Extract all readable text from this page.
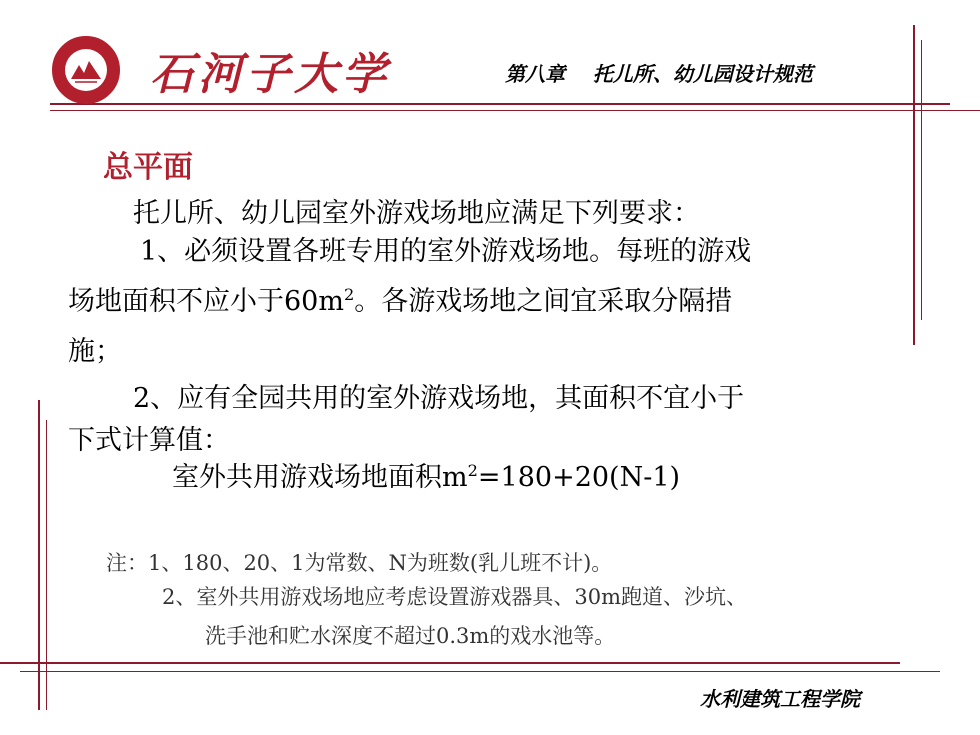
石河子大学	第八章    托儿所、幼儿园设计规范
总平面
托儿所、幼儿园室外游戏场地应满足下列要求：
1、必须设置各班专用的室外游戏场地。每班的游戏
场地面积不应小于$60m^2$。各游戏场地之间宜采取分隔措
施；
2、应有全园共用的室外游戏场地，其面积不宜小于
下式计算值：
室外共用游戏场地面积$m^2=180+20(N-1)$
注：1、180、20、1为常数、N为班数(乳儿班不计)。
2、室外共用游戏场地应考虑设置游戏器具、30m跑道、沙坑、
洗手池和贮水深度不超过0.3m的戏水池等。
水利建筑工程学院
